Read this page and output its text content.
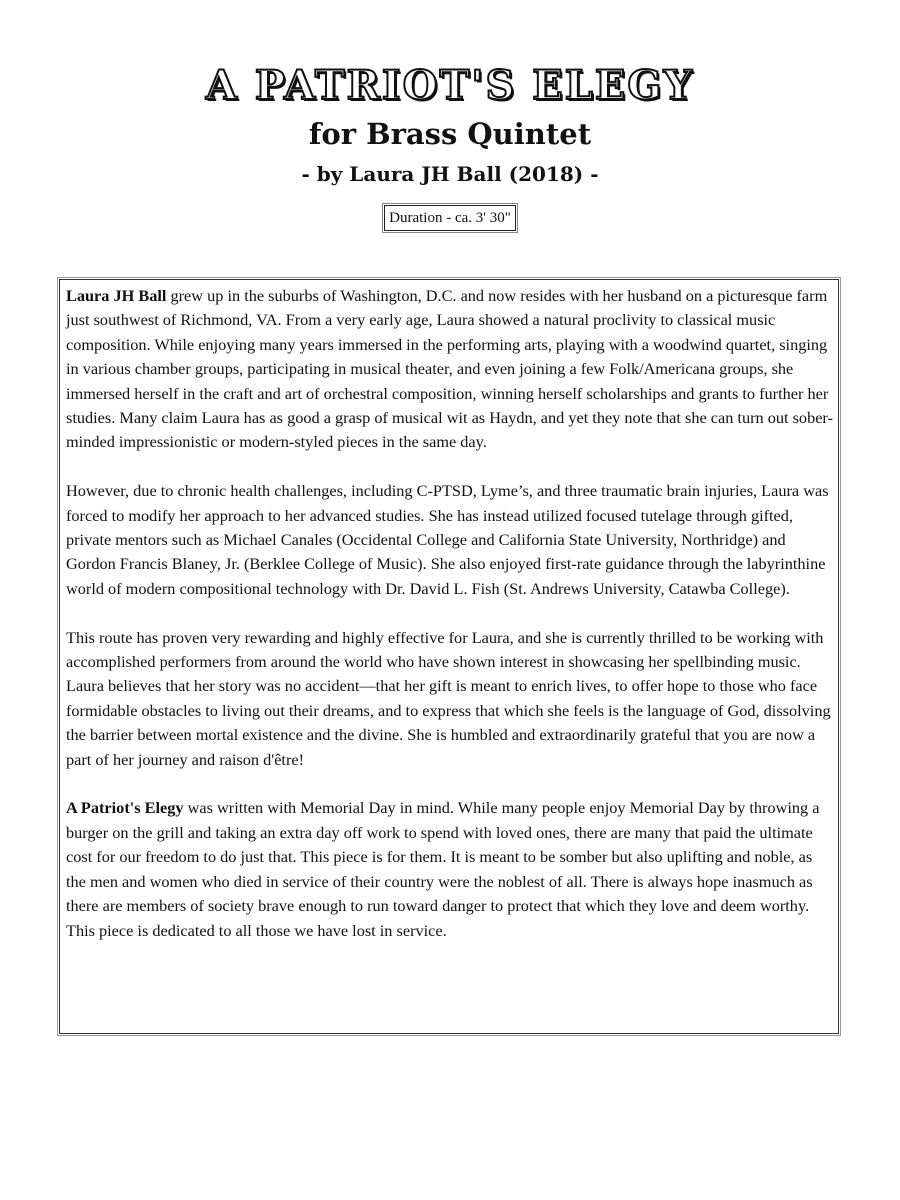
A PATRIOT'S ELEGY
for Brass Quintet
- by Laura JH Ball (2018) -
Duration - ca. 3' 30"

Laura JH Ball grew up in the suburbs of Washington, D.C. and now resides with her husband on a picturesque farm just southwest of Richmond, VA. From a very early age, Laura showed a natural proclivity to classical music composition. While enjoying many years immersed in the performing arts, playing with a woodwind quartet, singing in various chamber groups, participating in musical theater, and even joining a few Folk/Americana groups, she immersed herself in the craft and art of orchestral composition, winning herself scholarships and grants to further her studies. Many claim Laura has as good a grasp of musical wit as Haydn, and yet they note that she can turn out sober-minded impressionistic or modern-styled pieces in the same day.

However, due to chronic health challenges, including C-PTSD, Lyme’s, and three traumatic brain injuries, Laura was forced to modify her approach to her advanced studies. She has instead utilized focused tutelage through gifted, private mentors such as Michael Canales (Occidental College and California State University, Northridge) and Gordon Francis Blaney, Jr. (Berklee College of Music). She also enjoyed first-rate guidance through the labyrinthine world of modern compositional technology with Dr. David L. Fish (St. Andrews University, Catawba College).

This route has proven very rewarding and highly effective for Laura, and she is currently thrilled to be working with accomplished performers from around the world who have shown interest in showcasing her spellbinding music. Laura believes that her story was no accident—that her gift is meant to enrich lives, to offer hope to those who face formidable obstacles to living out their dreams, and to express that which she feels is the language of God, dissolving the barrier between mortal existence and the divine. She is humbled and extraordinarily grateful that you are now a part of her journey and raison d'être!

A Patriot's Elegy was written with Memorial Day in mind. While many people enjoy Memorial Day by throwing a burger on the grill and taking an extra day off work to spend with loved ones, there are many that paid the ultimate cost for our freedom to do just that. This piece is for them. It is meant to be somber but also uplifting and noble, as the men and women who died in service of their country were the noblest of all. There is always hope inasmuch as there are members of society brave enough to run toward danger to protect that which they love and deem worthy. This piece is dedicated to all those we have lost in service.
